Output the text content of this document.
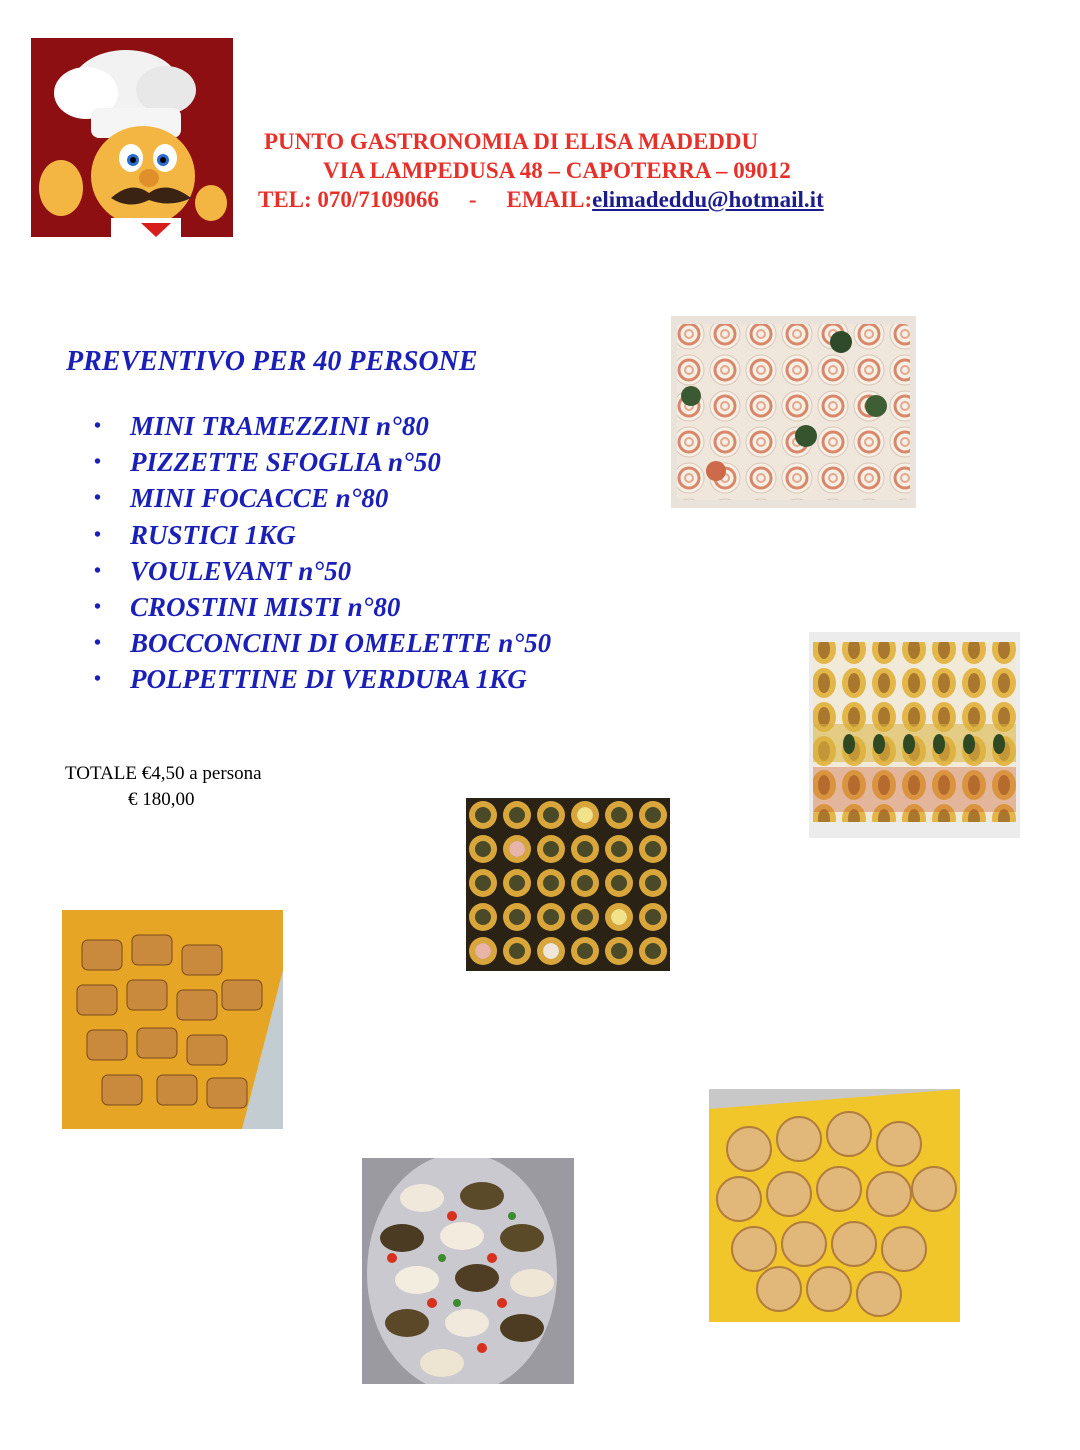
PUNTO GASTRONOMIA DI ELISA MADEDDU
VIA LAMPEDUSA 48 – CAPOTERRA – 09012
TEL: 070/7109066 - EMAIL:elimadeddu@hotmail.it
PREVENTIVO PER 40 PERSONE
• MINI TRAMEZZINI n°80
• PIZZETTE SFOGLIA n°50
• MINI FOCACCE n°80
• RUSTICI 1KG
• VOULEVANT n°50
• CROSTINI MISTI n°80
• BOCCONCINI DI OMELETTE n°50
• POLPETTINE DI VERDURA 1KG
TOTALE €4,50 a persona
€ 180,00
